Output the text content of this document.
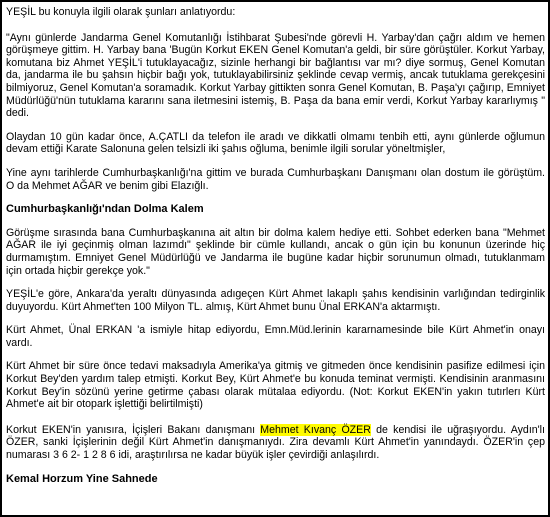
YEŞİL bu konuyla ilgili olarak şunları anlatıyordu:

"Aynı günlerde Jandarma Genel Komutanlığı İstihbarat Şubesi'nde görevli H. Yarbay'dan çağrı aldım ve hemen görüşmeye gittim. H. Yarbay bana 'Bugün Korkut EKEN Genel Komutan'a geldi, bir süre görüştüler. Korkut Yarbay, komutana biz Ahmet YEŞİL'i tutuklayacağız, sizinle herhangi bir bağlantısı var mı? diye sormuş, Genel Komutan da, jandarma ile bu şahsın hiçbir bağı yok, tutuklayabilirsiniz şeklinde cevap vermiş, ancak tutuklama gerekçesini bilmiyoruz, Genel Komutan'a soramadık. Korkut Yarbay gittikten sonra Genel Komutan, B. Paşa'yı çağırıp, Emniyet Müdürlüğü'nün tutuklama kararını sana iletmesini istemiş, B. Paşa da bana emir verdi, Korkut Yarbay kararlıymış " dedi.

Olaydan 10 gün kadar önce, A.ÇATLI da telefon ile aradı ve dikkatli olmamı tenbih etti, aynı günlerde oğlumun devam ettiği Karate Salonuna gelen telsizli iki şahıs oğluma, benimle ilgili sorular yöneltmişler,

Yine aynı tarihlerde Cumhurbaşkanlığı'na gittim ve burada Cumhurbaşkanı Danışmanı olan dostum ile görüştüm. O da Mehmet AĞAR ve benim gibi Elazığlı.

Cumhurbaşkanlığı'ndan Dolma Kalem

Görüşme sırasında bana Cumhurbaşkanına ait altın bir dolma kalem hediye etti. Sohbet ederken bana "Mehmet AĞAR ile iyi geçinmiş olman lazımdı" şeklinde bir cümle kullandı, ancak o gün için bu konunun üzerinde hiç durmamıştım. Emniyet Genel Müdürlüğü ve Jandarma ile bugüne kadar hiçbir sorunumun olmadı, tutuklanmam için ortada hiçbir gerekçe yok."

YEŞİL'e göre, Ankara'da yeraltı dünyasında adıgeçen Kürt Ahmet lakaplı şahıs kendisinin varlığından tedirginlik duyuyordu. Kürt Ahmet'ten 100 Milyon TL. almış, Kürt Ahmet bunu Ünal ERKAN'a aktarmıştı.

Kürt Ahmet, Ünal ERKAN 'a ismiyle hitap ediyordu, Emn.Müd.lerinin kararnamesinde bile Kürt Ahmet'in onayı vardı.

Kürt Ahmet bir süre önce tedavi maksadıyla Amerika'ya gitmiş ve gitmeden önce kendisinin pasifize edilmesi için Korkut Bey'den yardım talep etmişti. Korkut Bey, Kürt Ahmet'e bu konuda teminat vermişti. Kendisinin aranmasını Korkut Bey'in sözünü yerine getirme çabası olarak mütalaa ediyordu. (Not: Korkut EKEN'in yakın tutırlerı Kürt Ahmet'e ait bir otopark işlettiği belirtilmişti)

Korkut EKEN'in yanısıra, İçişleri Bakanı danışmanı Mehmet Kıvanç ÖZER de kendisi ile uğraşıyordu. Aydın'lı ÖZER, sanki İçişlerinin değil Kürt Ahmet'in danışmanıydı. Zira devamlı Kürt Ahmet'in yanındaydı. ÖZER'in çep numarası 3 6 2- 1 2 8 6 idi, araştırılırsa ne kadar büyük işler çevirdiği anlaşılırdı.

Kemal Horzum Yine Sahnede
